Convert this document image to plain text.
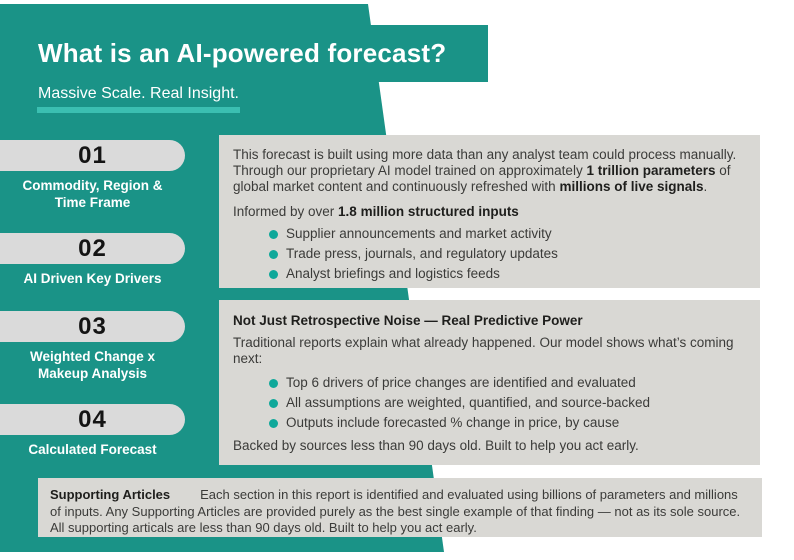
What is an AI-powered forecast?
Massive Scale. Real Insight.
01
Commodity, Region & Time Frame
02
AI Driven Key Drivers
03
Weighted Change x Makeup Analysis
04
Calculated Forecast

This forecast is built using more data than any analyst team could process manually. Through our proprietary AI model trained on approximately 1 trillion parameters of global market content and continuously refreshed with millions of live signals.

Informed by over 1.8 million structured inputs

Supplier announcements and market activity
Trade press, journals, and regulatory updates
Analyst briefings and logistics feeds
Not Just Retrospective Noise — Real Predictive Power

Traditional reports explain what already happened. Our model shows what’s coming next:

Top 6 drivers of price changes are identified and evaluated
All assumptions are weighted, quantified, and source-backed
Outputs include forecasted % change in price, by cause

Backed by sources less than 90 days old. Built to help you act early.

Supporting Articles Each section in this report is identified and evaluated using billions of parameters and millions of inputs. Any Supporting Articles are provided purely as the best single example of that finding — not as its sole source. All supporting articals are less than 90 days old. Built to help you act early.
